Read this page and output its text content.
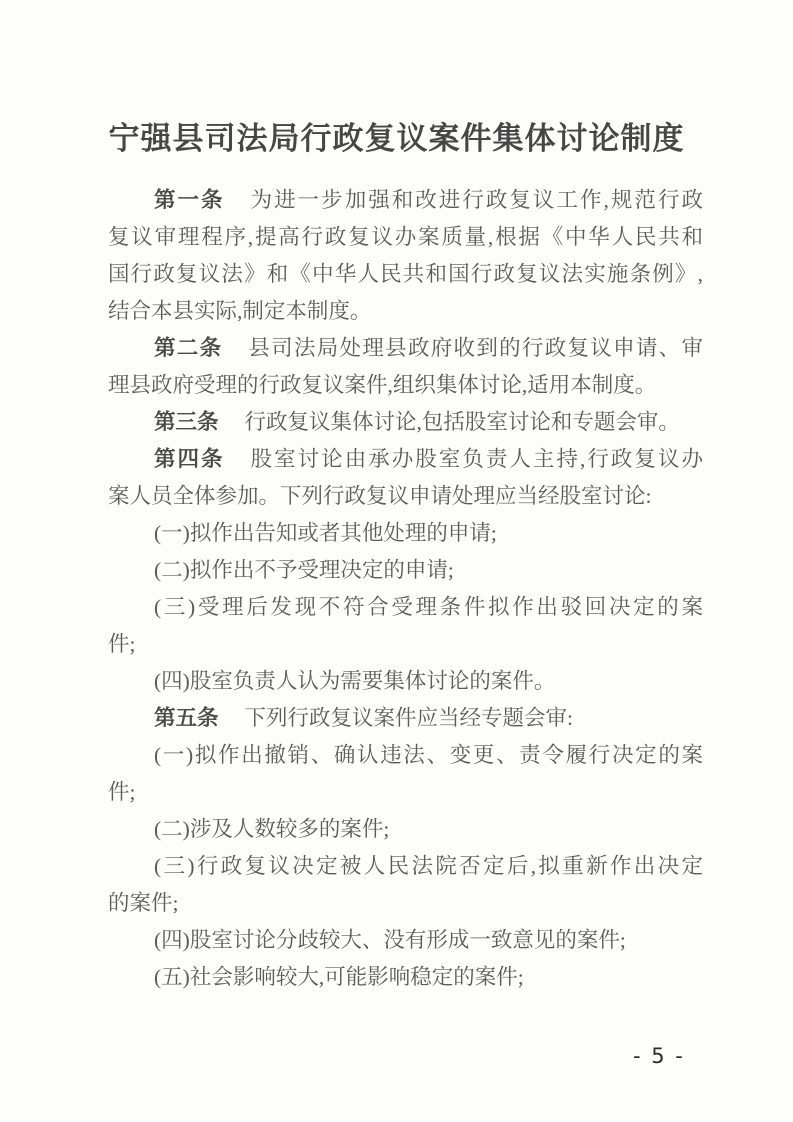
宁强县司法局行政复议案件集体讨论制度
第一条 为进一步加强和改进行政复议工作,规范行政
复议审理程序,提高行政复议办案质量,根据《中华人民共和
国行政复议法》和《中华人民共和国行政复议法实施条例》,
结合本县实际,制定本制度。
第二条 县司法局处理县政府收到的行政复议申请、审
理县政府受理的行政复议案件,组织集体讨论,适用本制度。
第三条 行政复议集体讨论,包括股室讨论和专题会审。
第四条 股室讨论由承办股室负责人主持,行政复议办
案人员全体参加。下列行政复议申请处理应当经股室讨论:
(一)拟作出告知或者其他处理的申请;
(二)拟作出不予受理决定的申请;
(三)受理后发现不符合受理条件拟作出驳回决定的案
件;
(四)股室负责人认为需要集体讨论的案件。
第五条 下列行政复议案件应当经专题会审:
(一)拟作出撤销、确认违法、变更、责令履行决定的案
件;
(二)涉及人数较多的案件;
(三)行政复议决定被人民法院否定后,拟重新作出决定
的案件;
(四)股室讨论分歧较大、没有形成一致意见的案件;
(五)社会影响较大,可能影响稳定的案件;
- 5 -
